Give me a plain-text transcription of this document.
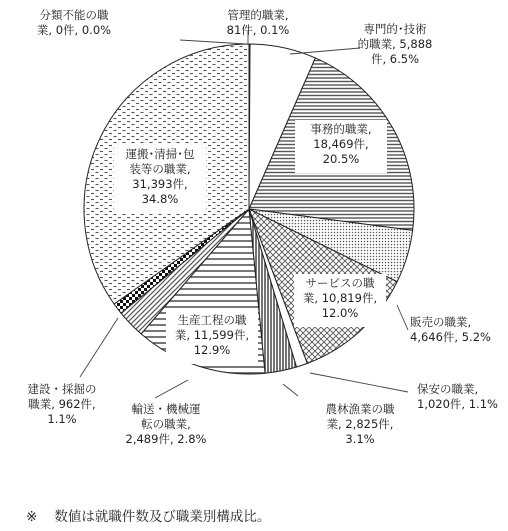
管理的職業,
81件, 0.1%	専門的･技術
的職業, 5,888
件, 6.5%
事務的職業,
18,469件,
20.5%
販売の職業,
4,646件, 5.2%
サービスの職
業, 10,819件,
12.0%
保安の職業,
1,020件, 1.1%
農林漁業の職
業, 2,825件,
3.1%
生産工程の職
業, 11,599件,
12.9%
輸送・機械運
転の職業,
2,489件, 2.8%
建設・採掘の
職業, 962件,
1.1%
運搬･清掃･包
装等の職業,
31,393件,
34.8%
分類不能の職
業, 0件, 0.0%
※ 数値は就職件数及び職業別構成比。
